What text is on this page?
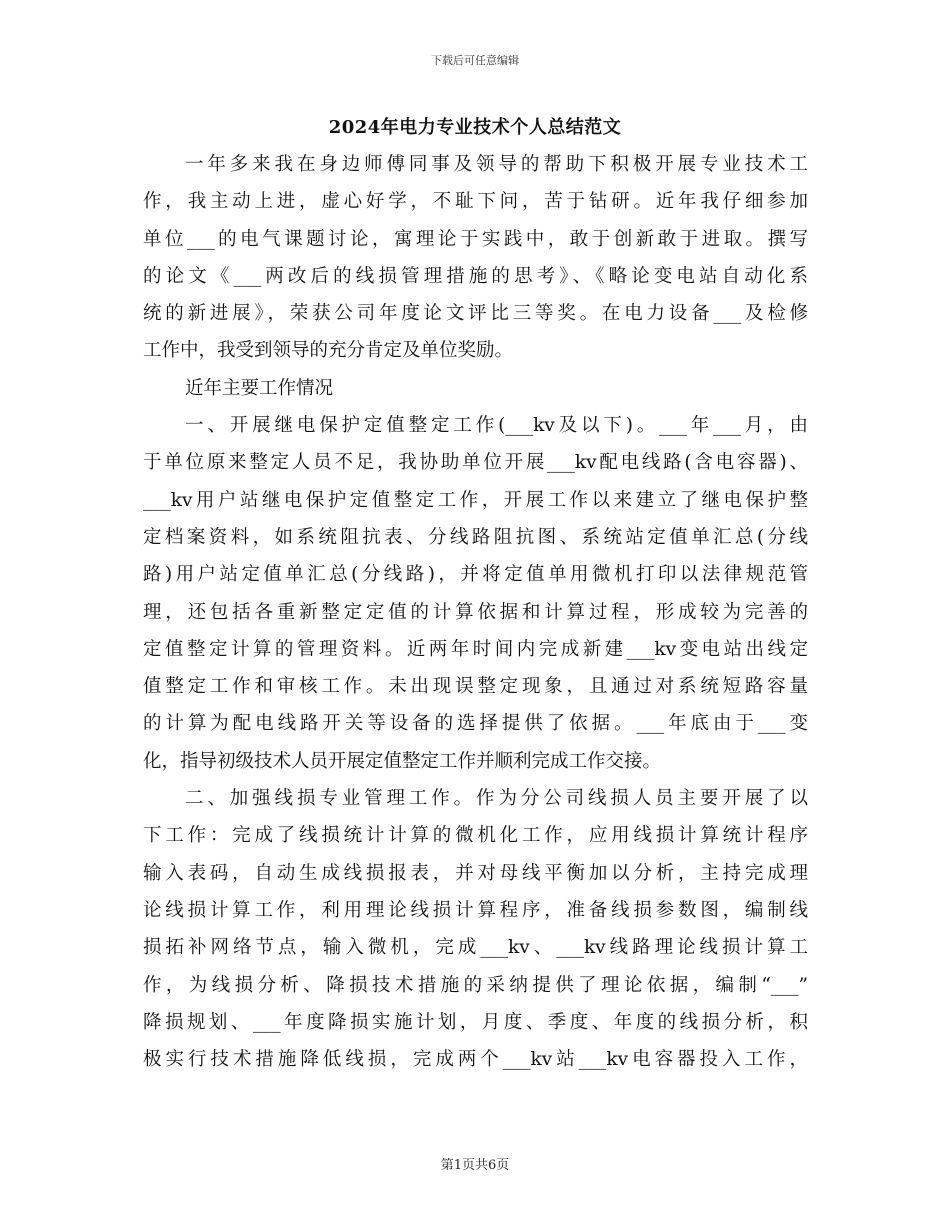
下载后可任意编辑
2024年电力专业技术个人总结范文
一年多来我在身边师傅同事及领导的帮助下积极开展专业技术工
作，我主动上进，虚心好学，不耻下问，苦于钻研。近年我仔细参加
单位___的电气课题讨论，寓理论于实践中，敢于创新敢于进取。撰写
的论文《___两改后的线损管理措施的思考》、《略论变电站自动化系
统的新进展》，荣获公司年度论文评比三等奖。在电力设备___及检修
工作中，我受到领导的充分肯定及单位奖励。
近年主要工作情况
一、开展继电保护定值整定工作(___kv及以下)。___年___月，由
于单位原来整定人员不足，我协助单位开展___kv配电线路(含电容器)、
___kv用户站继电保护定值整定工作，开展工作以来建立了继电保护整
定档案资料，如系统阻抗表、分线路阻抗图、系统站定值单汇总(分线
路)用户站定值单汇总(分线路)，并将定值单用微机打印以法律规范管
理，还包括各重新整定定值的计算依据和计算过程，形成较为完善的
定值整定计算的管理资料。近两年时间内完成新建___kv变电站出线定
值整定工作和审核工作。未出现误整定现象，且通过对系统短路容量
的计算为配电线路开关等设备的选择提供了依据。___年底由于___变
化，指导初级技术人员开展定值整定工作并顺利完成工作交接。
二、加强线损专业管理工作。作为分公司线损人员主要开展了以
下工作：完成了线损统计计算的微机化工作，应用线损计算统计程序
输入表码，自动生成线损报表，并对母线平衡加以分析，主持完成理
论线损计算工作，利用理论线损计算程序，准备线损参数图，编制线
损拓补网络节点，输入微机，完成___kv、___kv线路理论线损计算工
作，为线损分析、降损技术措施的采纳提供了理论依据，编制“___”
降损规划、___年度降损实施计划，月度、季度、年度的线损分析，积
极实行技术措施降低线损，完成两个___kv站___kv电容器投入工作，
第1页共6页
